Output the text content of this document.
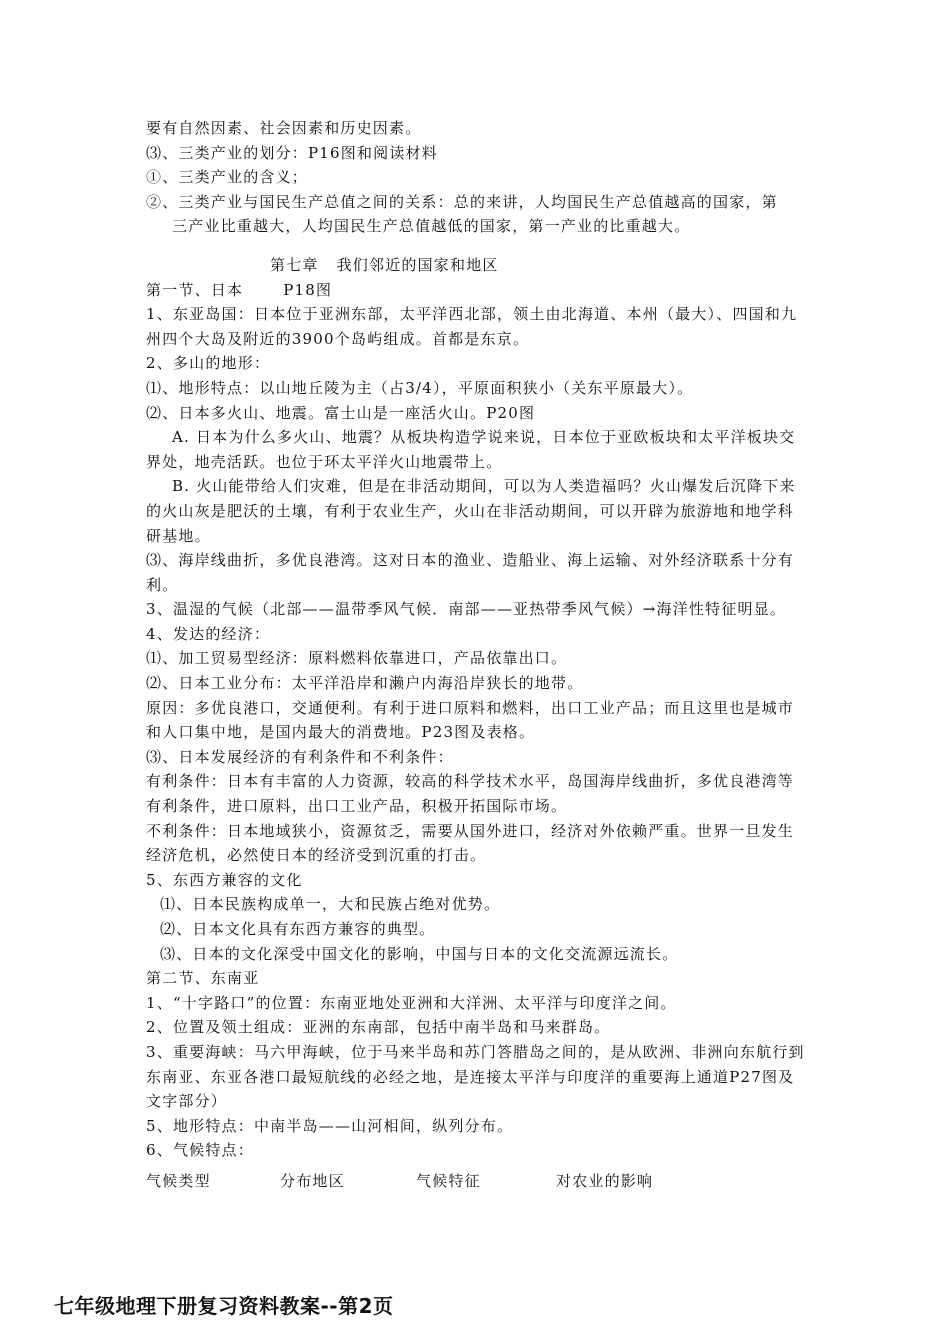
要有自然因素、社会因素和历史因素。

⑶、三类产业的划分：P16图和阅读材料

①、三类产业的含义；

②、三类产业与国民生产总值之间的关系：总的来讲，人均国民生产总值越高的国家，第

三产业比重越大，人均国民生产总值越低的国家，第一产业的比重越大。

第七章 我们邻近的国家和地区

第一节、日本	P18图

1、东亚岛国：日本位于亚洲东部，太平洋西北部，领土由北海道、本州（最大）、四国和九州四个大岛及附近的3900个岛屿组成。首都是东京。

2、多山的地形：

⑴、地形特点：以山地丘陵为主（占3/4），平原面积狭小（关东平原最大）。

⑵、日本多火山、地震。富士山是一座活火山。P20图

A. 日本为什么多火山、地震？从板块构造学说来说，日本位于亚欧板块和太平洋板块交界处，地壳活跃。也位于环太平洋火山地震带上。

B. 火山能带给人们灾难，但是在非活动期间，可以为人类造福吗？火山爆发后沉降下来的火山灰是肥沃的土壤，有利于农业生产，火山在非活动期间，可以开辟为旅游地和地学科研基地。

⑶、海岸线曲折，多优良港湾。这对日本的渔业、造船业、海上运输、对外经济联系十分有利。

3、温湿的气候（北部——温带季风气候．南部——亚热带季风气候）→海洋性特征明显。

4、发达的经济：

⑴、加工贸易型经济：原料燃料依靠进口，产品依靠出口。

⑵、日本工业分布：太平洋沿岸和濑户内海沿岸狭长的地带。

原因：多优良港口，交通便利。有利于进口原料和燃料，出口工业产品；而且这里也是城市和人口集中地，是国内最大的消费地。P23图及表格。

⑶、日本发展经济的有利条件和不利条件：

有利条件：日本有丰富的人力资源，较高的科学技术水平，岛国海岸线曲折，多优良港湾等有利条件，进口原料，出口工业产品，积极开拓国际市场。

不利条件：日本地域狭小，资源贫乏，需要从国外进口，经济对外依赖严重。世界一旦发生经济危机，必然使日本的经济受到沉重的打击。

5、东西方兼容的文化

⑴、日本民族构成单一，大和民族占绝对优势。

⑵、日本文化具有东西方兼容的典型。

⑶、日本的文化深受中国文化的影响，中国与日本的文化交流源远流长。

第二节、东南亚

1、“十字路口”的位置：东南亚地处亚洲和大洋洲、太平洋与印度洋之间。

2、位置及领土组成：亚洲的东南部，包括中南半岛和马来群岛。

3、重要海峡：马六甲海峡，位于马来半岛和苏门答腊岛之间的，是从欧洲、非洲向东航行到东南亚、东亚各港口最短航线的必经之地，是连接太平洋与印度洋的重要海上通道P27图及文字部分）

5、地形特点：中南半岛——山河相间，纵列分布。

6、气候特点：

气候类型	分布地区	气候特征	对农业的影响
七年级地理下册复习资料教案--第2页
